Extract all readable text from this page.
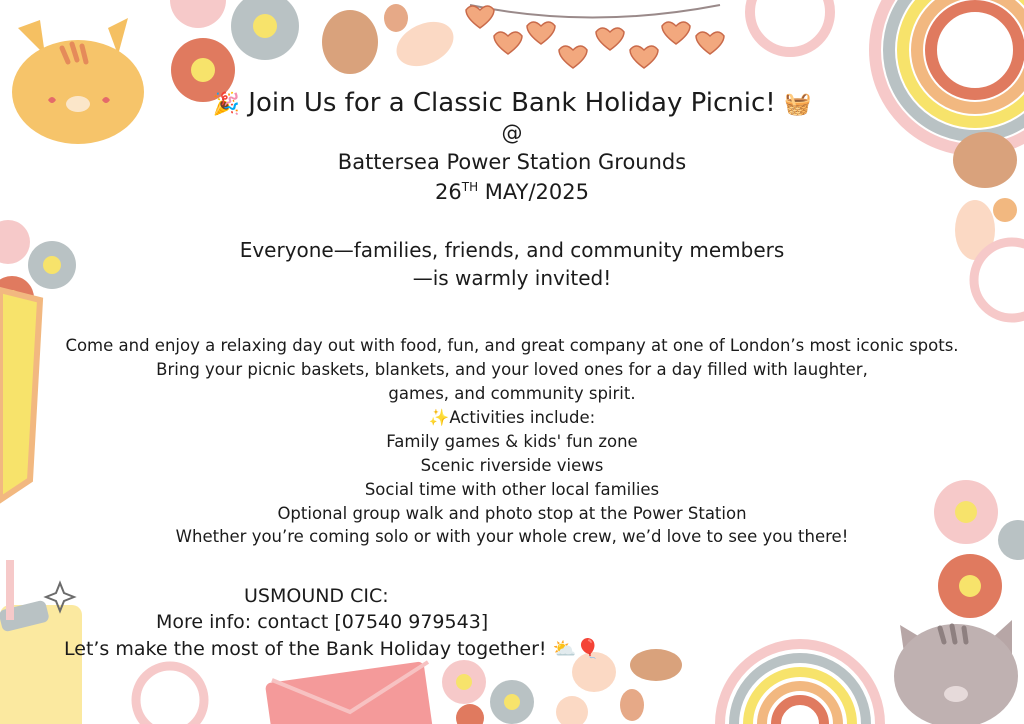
🎉 Join Us for a Classic Bank Holiday Picnic! 🧺
@
Battersea Power Station Grounds
26TH MAY/2025
Everyone—families, friends, and community members
—is warmly invited!
Come and enjoy a relaxing day out with food, fun, and great company at one of London’s most iconic spots.
Bring your picnic baskets, blankets, and your loved ones for a day filled with laughter,
games, and community spirit.
✨Activities include:
Family games & kids' fun zone
Scenic riverside views
Social time with other local families
Optional group walk and photo stop at the Power Station
Whether you’re coming solo or with your whole crew, we’d love to see you there!
USMOUND CIC:
More info: contact [07540 979543]
Let’s make the most of the Bank Holiday together! ⛅🎈
